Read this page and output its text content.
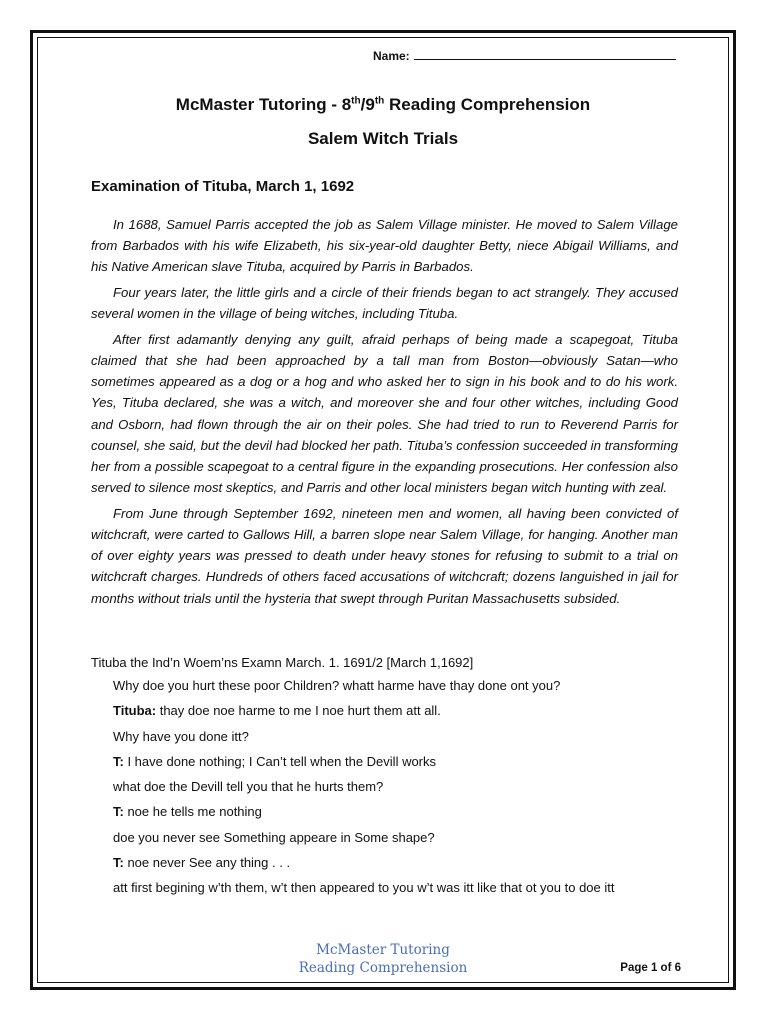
Name:
McMaster Tutoring - 8th/9th Reading Comprehension
Salem Witch Trials
Examination of Tituba, March 1, 1692

In 1688, Samuel Parris accepted the job as Salem Village minister. He moved to Salem Village from Barbados with his wife Elizabeth, his six-year-old daughter Betty, niece Abigail Williams, and his Native American slave Tituba, acquired by Parris in Barbados.

Four years later, the little girls and a circle of their friends began to act strangely. They accused several women in the village of being witches, including Tituba.

After first adamantly denying any guilt, afraid perhaps of being made a scapegoat, Tituba claimed that she had been approached by a tall man from Boston—obviously Satan—who sometimes appeared as a dog or a hog and who asked her to sign in his book and to do his work. Yes, Tituba declared, she was a witch, and moreover she and four other witches, including Good and Osborn, had flown through the air on their poles. She had tried to run to Reverend Parris for counsel, she said, but the devil had blocked her path. Tituba’s confession succeeded in transforming her from a possible scapegoat to a central figure in the expanding prosecutions. Her confession also served to silence most skeptics, and Parris and other local ministers began witch hunting with zeal.

From June through September 1692, nineteen men and women, all having been convicted of witchcraft, were carted to Gallows Hill, a barren slope near Salem Village, for hanging. Another man of over eighty years was pressed to death under heavy stones for refusing to submit to a trial on witchcraft charges. Hundreds of others faced accusations of witchcraft; dozens languished in jail for months without trials until the hysteria that swept through Puritan Massachusetts subsided.

Tituba the Ind’n Woem’ns Examn March. 1. 1691/2 [March 1,1692]
Why doe you hurt these poor Children? whatt harme have thay done ont you?
Tituba: thay doe noe harme to me I noe hurt them att all.
Why have you done itt?
T: I have done nothing; I Can’t tell when the Devill works
what doe the Devill tell you that he hurts them?
T: noe he tells me nothing
doe you never see Something appeare in Some shape?
T: noe never See any thing . . .
att first begining w’th them, w’t then appeared to you w’t was itt like that ot you to doe itt
McMaster Tutoring
Reading Comprehension	Page 1 of 6
